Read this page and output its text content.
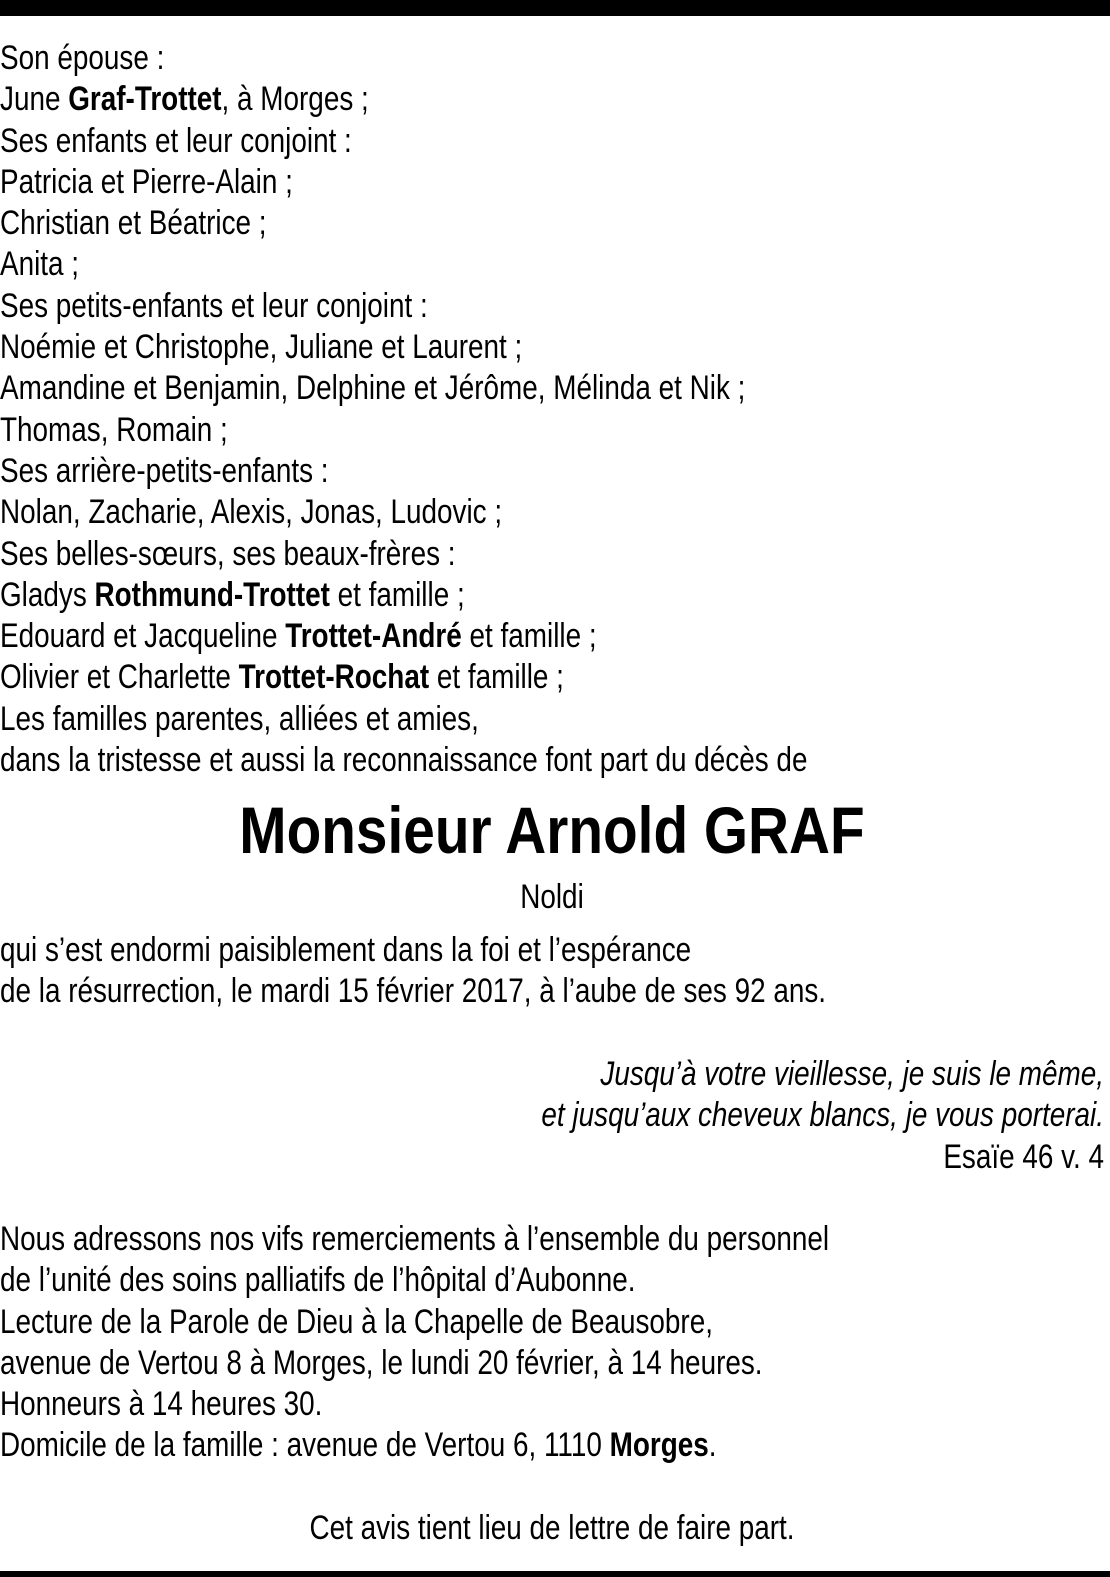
Son épouse :
June Graf-Trottet, à Morges ;
Ses enfants et leur conjoint :
Patricia et Pierre-Alain ;
Christian et Béatrice ;
Anita ;
Ses petits-enfants et leur conjoint :
Noémie et Christophe, Juliane et Laurent ;
Amandine et Benjamin, Delphine et Jérôme, Mélinda et Nik ;
Thomas, Romain ;
Ses arrière-petits-enfants :
Nolan, Zacharie, Alexis, Jonas, Ludovic ;
Ses belles-sœurs, ses beaux-frères :
Gladys Rothmund-Trottet et famille ;
Edouard et Jacqueline Trottet-André et famille ;
Olivier et Charlette Trottet-Rochat et famille ;
Les familles parentes, alliées et amies,
dans la tristesse et aussi la reconnaissance font part du décès de
Monsieur Arnold GRAF
Noldi
qui s’est endormi paisiblement dans la foi et l’espérance
de la résurrection, le mardi 15 février 2017, à l’aube de ses 92 ans.
Jusqu’à votre vieillesse, je suis le même,
et jusqu’aux cheveux blancs, je vous porterai.
Esaïe 46 v. 4
Nous adressons nos vifs remerciements à l’ensemble du personnel
de l’unité des soins palliatifs de l’hôpital d’Aubonne.
Lecture de la Parole de Dieu à la Chapelle de Beausobre,
avenue de Vertou 8 à Morges, le lundi 20 février, à 14 heures.
Honneurs à 14 heures 30.
Domicile de la famille : avenue de Vertou 6, 1110 Morges.
Cet avis tient lieu de lettre de faire part.
